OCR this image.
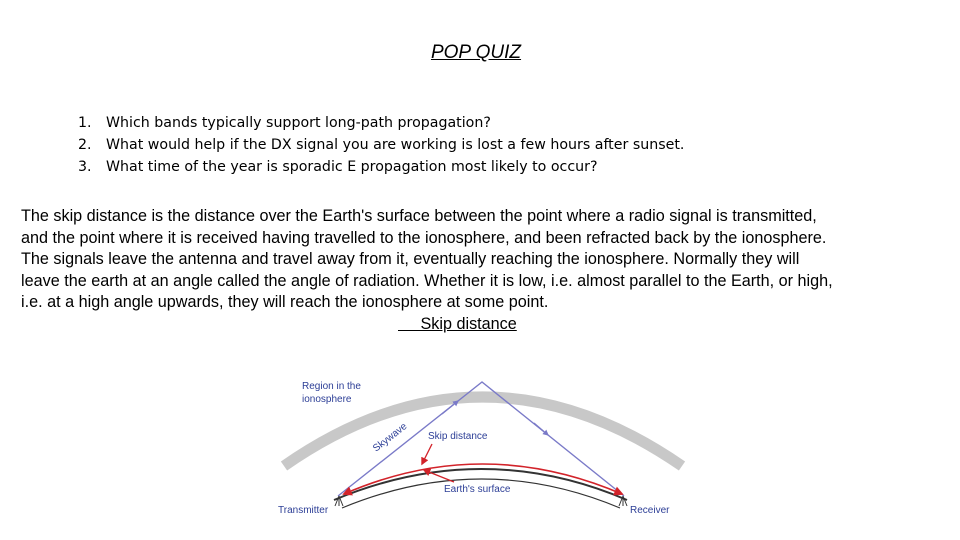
POP QUIZ
1.	Which bands typically support long-path propagation?
2.	What would help if the DX signal you are working is lost a few hours after sunset.
3.	What time of the year is sporadic E propagation most likely to occur?

The skip distance is the distance over the Earth's surface between the point where a radio signal is transmitted,

and the point where it is received having travelled to the ionosphere, and been refracted back by the ionosphere.

The signals leave the antenna and travel away from it, eventually reaching the ionosphere. Normally they will

leave the earth at an angle called the angle of radiation. Whether it is low, i.e. almost parallel to the Earth, or high,

i.e. at a high angle upwards, they will reach the ionosphere at some point.

Skip distance
Region in the
ionosphere
Skywave Skip distance
Earth's surface
Transmitter	Receiver
